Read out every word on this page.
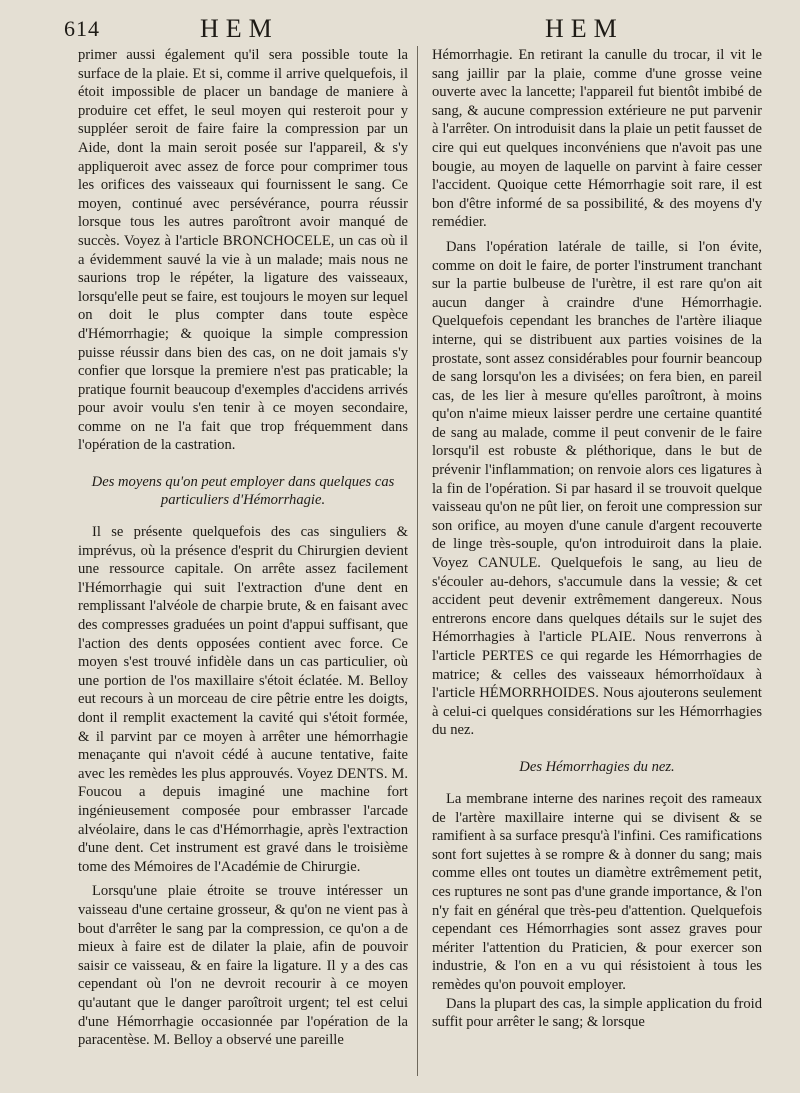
614	HEM	HEM

primer aussi également qu'il sera possible toute la surface de la plaie. Et si, comme il arrive quelquefois, il étoit impossible de placer un bandage de maniere à produire cet effet, le seul moyen qui resteroit pour y suppléer seroit de faire faire la compression par un Aide, dont la main seroit posée sur l'appareil, & s'y appliqueroit avec assez de force pour comprimer tous les orifices des vaisseaux qui fournissent le sang. Ce moyen, continué avec persévérance, pourra réussir lorsque tous les autres paroîtront avoir manqué de succès. Voyez à l'article BRONCHOCELE, un cas où il a évidemment sauvé la vie à un malade; mais nous ne saurions trop le répéter, la ligature des vaisseaux, lorsqu'elle peut se faire, est toujours le moyen sur lequel on doit le plus compter dans toute espèce d'Hémorrhagie; & quoique la simple compression puisse réussir dans bien des cas, on ne doit jamais s'y confier que lorsque la premiere n'est pas praticable; la pratique fournit beaucoup d'exemples d'accidens arrivés pour avoir voulu s'en tenir à ce moyen secondaire, comme on ne l'a fait que trop fréquemment dans l'opération de la castration.

Des moyens qu'on peut employer dans quelques cas particuliers d'Hémorrhagie.

Il se présente quelquefois des cas singuliers & imprévus, où la présence d'esprit du Chirurgien devient une ressource capitale. On arrête assez facilement l'Hémorrhagie qui suit l'extraction d'une dent en remplissant l'alvéole de charpie brute, & en faisant avec des compresses graduées un point d'appui suffisant, que l'action des dents opposées contient avec force. Ce moyen s'est trouvé infidèle dans un cas particulier, où une portion de l'os maxillaire s'étoit éclatée. M. Belloy eut recours à un morceau de cire pêtrie entre les doigts, dont il remplit exactement la cavité qui s'étoit formée, & il parvint par ce moyen à arrêter une hémorrhagie menaçante qui n'avoit cédé à aucune tentative, faite avec les remèdes les plus approuvés. Voyez DENTS. M. Foucou a depuis imaginé une machine fort ingénieusement composée pour embrasser l'arcade alvéolaire, dans le cas d'Hémorrhagie, après l'extraction d'une dent. Cet instrument est gravé dans le troisième tome des Mémoires de l'Académie de Chirurgie.

Lorsqu'une plaie étroite se trouve intéresser un vaisseau d'une certaine grosseur, & qu'on ne vient pas à bout d'arrêter le sang par la compression, ce qu'on a de mieux à faire est de dilater la plaie, afin de pouvoir saisir ce vaisseau, & en faire la ligature. Il y a des cas cependant où l'on ne devroit recourir à ce moyen qu'autant que le danger paroîtroit urgent; tel est celui d'une Hémorrhagie occasionnée par l'opération de la paracentèse. M. Belloy a observé une pareille

Hémorrhagie. En retirant la canulle du trocar, il vit le sang jaillir par la plaie, comme d'une grosse veine ouverte avec la lancette; l'appareil fut bientôt imbibé de sang, & aucune compression extérieure ne put parvenir à l'arrêter. On introduisit dans la plaie un petit fausset de cire qui eut quelques inconvéniens que n'avoit pas une bougie, au moyen de laquelle on parvint à faire cesser l'accident. Quoique cette Hémorrhagie soit rare, il est bon d'être informé de sa possibilité, & des moyens d'y remédier.

Dans l'opération latérale de taille, si l'on évite, comme on doit le faire, de porter l'instrument tranchant sur la partie bulbeuse de l'urètre, il est rare qu'on ait aucun danger à craindre d'une Hémorrhagie. Quelquefois cependant les branches de l'artère iliaque interne, qui se distribuent aux parties voisines de la prostate, sont assez considérables pour fournir beancoup de sang lorsqu'on les a divisées; on fera bien, en pareil cas, de les lier à mesure qu'elles paroîtront, à moins qu'on n'aime mieux laisser perdre une certaine quantité de sang au malade, comme il peut convenir de le faire lorsqu'il est robuste & pléthorique, dans le but de prévenir l'inflammation; on renvoie alors ces ligatures à la fin de l'opération. Si par hasard il se trouvoit quelque vaisseau qu'on ne pût lier, on feroit une compression sur son orifice, au moyen d'une canule d'argent recouverte de linge très-souple, qu'on introduiroit dans la plaie. Voyez CANULE. Quelquefois le sang, au lieu de s'écouler au-dehors, s'accumule dans la vessie; & cet accident peut devenir extrêmement dangereux. Nous entrerons encore dans quelques détails sur le sujet des Hémorrhagies à l'article PLAIE. Nous renverrons à l'article PERTES ce qui regarde les Hémorrhagies de matrice; & celles des vaisseaux hémorrhoïdaux à l'article HÉMORRHOIDES. Nous ajouterons seulement à celui-ci quelques considérations sur les Hémorrhagies du nez.

Des Hémorrhagies du nez.

La membrane interne des narines reçoit des rameaux de l'artère maxillaire interne qui se divisent & se ramifient à sa surface presqu'à l'infini. Ces ramifications sont fort sujettes à se rompre & à donner du sang; mais comme elles ont toutes un diamètre extrêmement petit, ces ruptures ne sont pas d'une grande importance, & l'on n'y fait en général que très-peu d'attention. Quelquefois cependant ces Hémorrhagies sont assez graves pour mériter l'attention du Praticien, & pour exercer son industrie, & l'on en a vu qui résistoient à tous les remèdes qu'on pouvoit employer.

Dans la plupart des cas, la simple application du froid suffit pour arrêter le sang; & lorsque
